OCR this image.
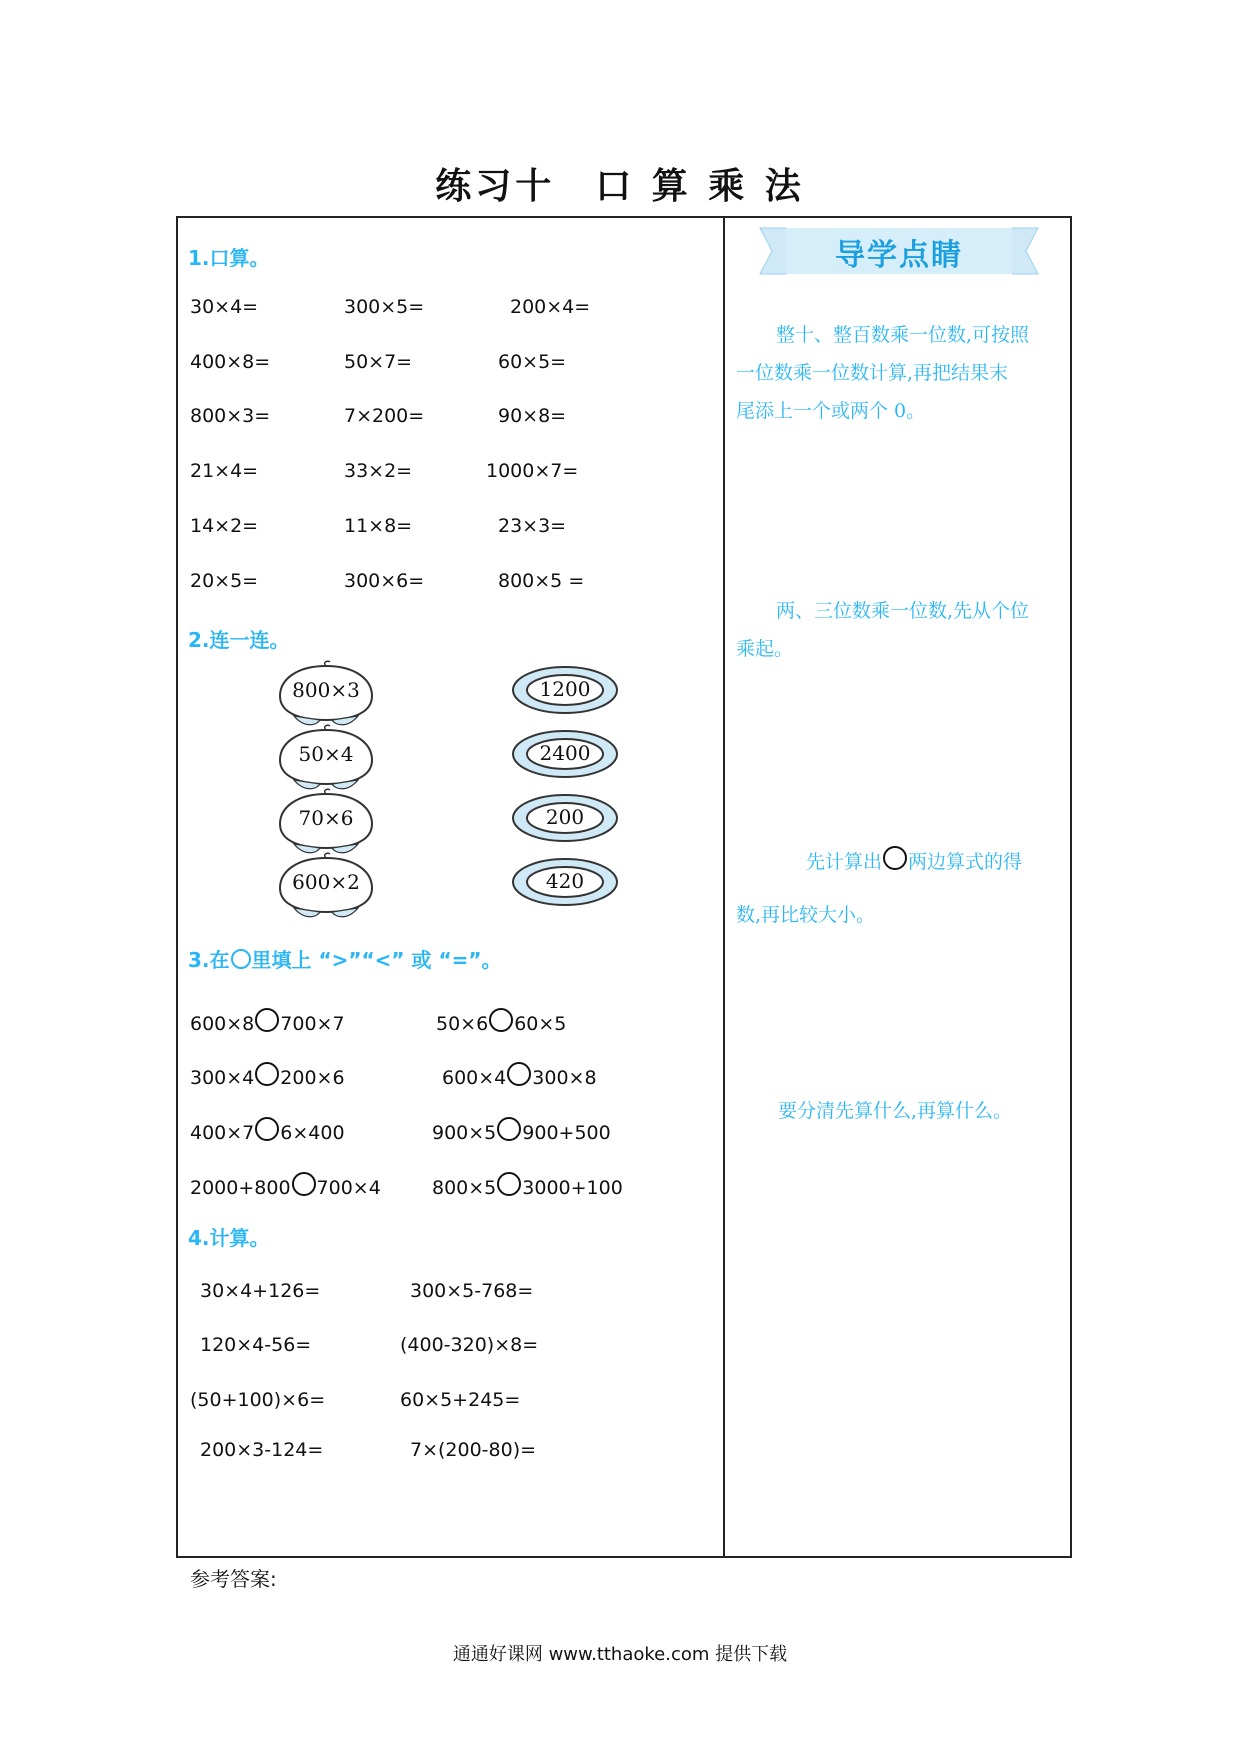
练习十　口 算 乘 法
1.口算。
30×4=	300×5=	200×4=
400×8=	50×7=	60×5=
800×3=	7×200=	90×8=
21×4=	33×2=	1000×7=
14×2=	11×8=	23×3=
20×5=	300×6=	800×5 =
2.连一连。
800×3
50×4
70×6
600×2
1200
2400
200
420
3.在 里填上 “>”“<” 或 “=”。
600×8 700×7	50×6 60×5
300×4 200×6	600×4 300×8
400×7 6×400	900×5 900+500
2000+800 700×4	800×5 3000+100
4.计算。
30×4+126=	300×5-768=
120×4-56=	(400-320)×8=
(50+100)×6=	60×5+245=
200×3-124=	7×(200-80)=
导学点睛
整十、整百数乘一位数,可按照
一位数乘一位数计算,再把结果末
尾添上一个或两个 0。
两、三位数乘一位数,先从个位
乘起。
先计算出 两边算式的得
数,再比较大小。
要分清先算什么,再算什么。
参考答案:
通通好课网 www.tthaoke.com 提供下载
